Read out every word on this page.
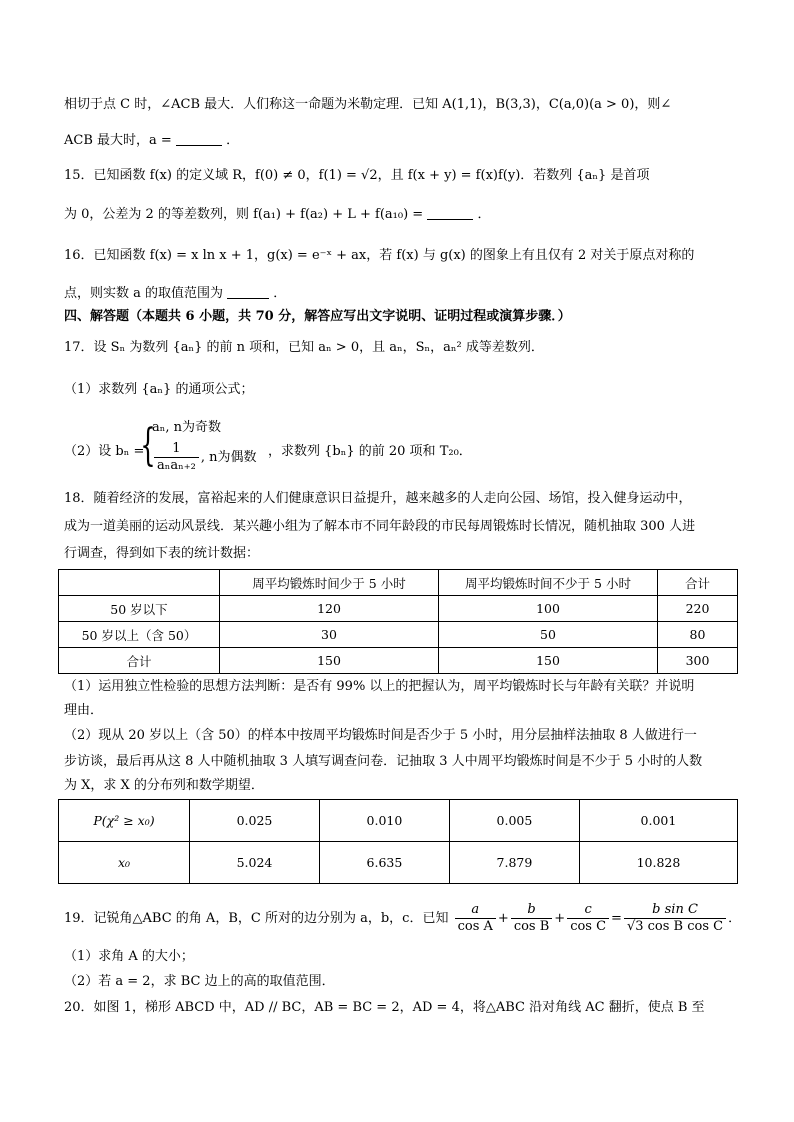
相切于点 C 时，∠ACB 最大．人们称这一命题为米勒定理．已知 A(1,1)，B(3,3)，C(a,0)(a > 0)，则∠
ACB 最大时，a =	．
15．已知函数 f(x) 的定义域 R，f(0) ≠ 0，f(1) = √2，且 f(x + y) = f(x)f(y)．若数列 {aₙ} 是首项
为 0，公差为 2 的等差数列，则 f(a₁) + f(a₂) + L + f(a₁₀) =	．
16．已知函数 f(x) = x ln x + 1，g(x) = e⁻ˣ + ax，若 f(x) 与 g(x) 的图象上有且仅有 2 对关于原点对称的
点，则实数 a 的取值范围为	．
四、解答题（本题共 6 小题，共 70 分，解答应写出文字说明、证明过程或演算步骤．）
17．设 Sₙ 为数列 {aₙ} 的前 n 项和，已知 aₙ > 0，且 aₙ，Sₙ，aₙ² 成等差数列．
（1）求数列 {aₙ} 的通项公式；
（2）设 bₙ =
{
aₙ, n为奇数
$\frac{1}{\text{aₙaₙ₊₂}}$ , n为偶数 ，求数列 {bₙ} 的前 20 项和 T₂₀．
18．随着经济的发展，富裕起来的人们健康意识日益提升，越来越多的人走向公园、场馆，投入健身运动中，
成为一道美丽的运动风景线．某兴趣小组为了解本市不同年龄段的市民每周锻炼时长情况，随机抽取 300 人进
行调查，得到如下表的统计数据：
	周平均锻炼时间少于 5 小时	周平均锻炼时间不少于 5 小时	合计
50 岁以下	120	100	220
50 岁以上（含 50）	30	50	80
合计	150	150	300
（1）运用独立性检验的思想方法判断：是否有 99% 以上的把握认为，周平均锻炼时长与年龄有关联？并说明
理由．
（2）现从 20 岁以上（含 50）的样本中按周平均锻炼时间是否少于 5 小时，用分层抽样法抽取 8 人做进行一
步访谈，最后再从这 8 人中随机抽取 3 人填写调查问卷．记抽取 3 人中周平均锻炼时间是不少于 5 小时的人数
为 X，求 X 的分布列和数学期望．
P(χ² ≥ x₀)	0.025	0.010	0.005	0.001
x₀	5.024	6.635	7.879	10.828
19．记锐角△ABC 的角 A，B，C 所对的边分别为 a，b，c．已知 $\frac{a}{\text{cos A}} + \frac{b}{\text{cos B}} + \frac{c}{\text{cos C}} = \frac{\text{b sin C}}{\text{√3 cos B cos C}}$ ．
（1）求角 A 的大小；
（2）若 a = 2，求 BC 边上的高的取值范围．
20．如图 1，梯形 ABCD 中，AD // BC，AB = BC = 2，AD = 4，将△ABC 沿对角线 AC 翻折，使点 B 至
